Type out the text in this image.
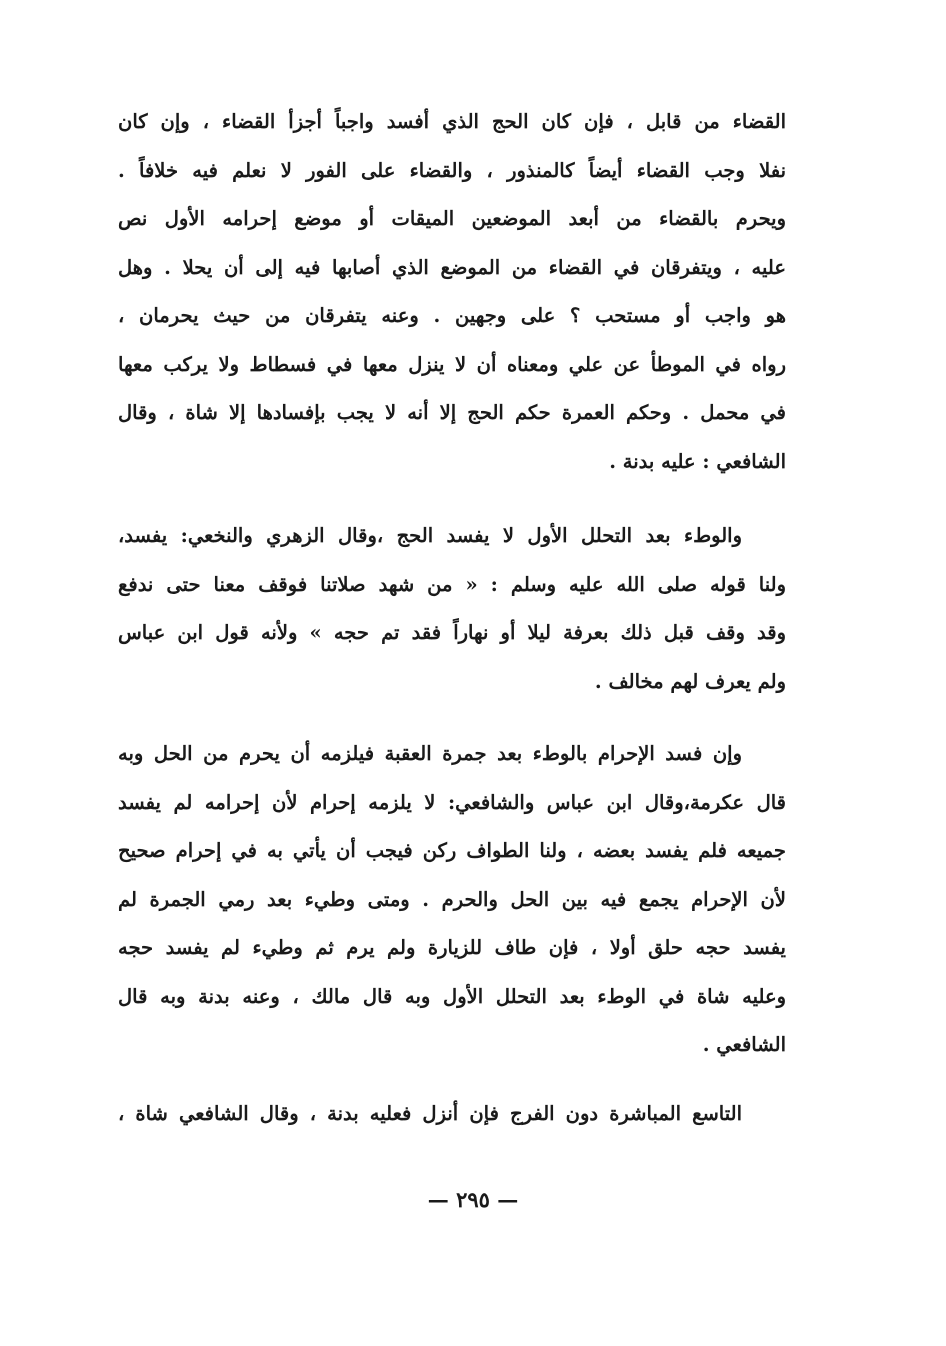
القضاء من قابل ، فإن كان الحج الذي أفسد واجباً أجزأ القضاء ، وإن كان
نفلا وجب القضاء أيضاً كالمنذور ، والقضاء على الفور لا نعلم فيه خلافاً .
ويحرم بالقضاء من أبعد الموضعين الميقات أو موضع إحرامه الأول نص
عليه ، ويتفرقان في القضاء من الموضع الذي أصابها فيه إلى أن يحلا . وهل
هو واجب أو مستحب ؟ على وجهين . وعنه يتفرقان من حيث يحرمان ،
رواه في الموطأ عن علي ومعناه أن لا ينزل معها في فسطاط ولا يركب معها
في محمل . وحكم العمرة حكم الحج إلا أنه لا يجب بإفسادها إلا شاة ، وقال
الشافعي : عليه بدنة .
والوطء بعد التحلل الأول لا يفسد الحج ،وقال الزهري والنخعي: يفسد،
ولنا قوله صلى الله عليه وسلم : « من شهد صلاتنا فوقف معنا حتى ندفع
وقد وقف قبل ذلك بعرفة ليلا أو نهاراً فقد تم حجه » ولأنه قول ابن عباس
ولم يعرف لهم مخالف .
وإن فسد الإحرام بالوطء بعد جمرة العقبة فيلزمه أن يحرم من الحل وبه
قال عكرمة،وقال ابن عباس والشافعي: لا يلزمه إحرام لأن إحرامه لم يفسد
جميعه فلم يفسد بعضه ، ولنا الطواف ركن فيجب أن يأتي به في إحرام صحيح
لأن الإحرام يجمع فيه بين الحل والحرم . ومتى وطيء بعد رمي الجمرة لم
يفسد حجه حلق أولا ، فإن طاف للزيارة ولم يرم ثم وطيء لم يفسد حجه
وعليه شاة في الوطء بعد التحلل الأول وبه قال مالك ، وعنه بدنة وبه قال
الشافعي .
التاسع المباشرة دون الفرج فإن أنزل فعليه بدنة ، وقال الشافعي شاة ،
— ٢٩٥ —
